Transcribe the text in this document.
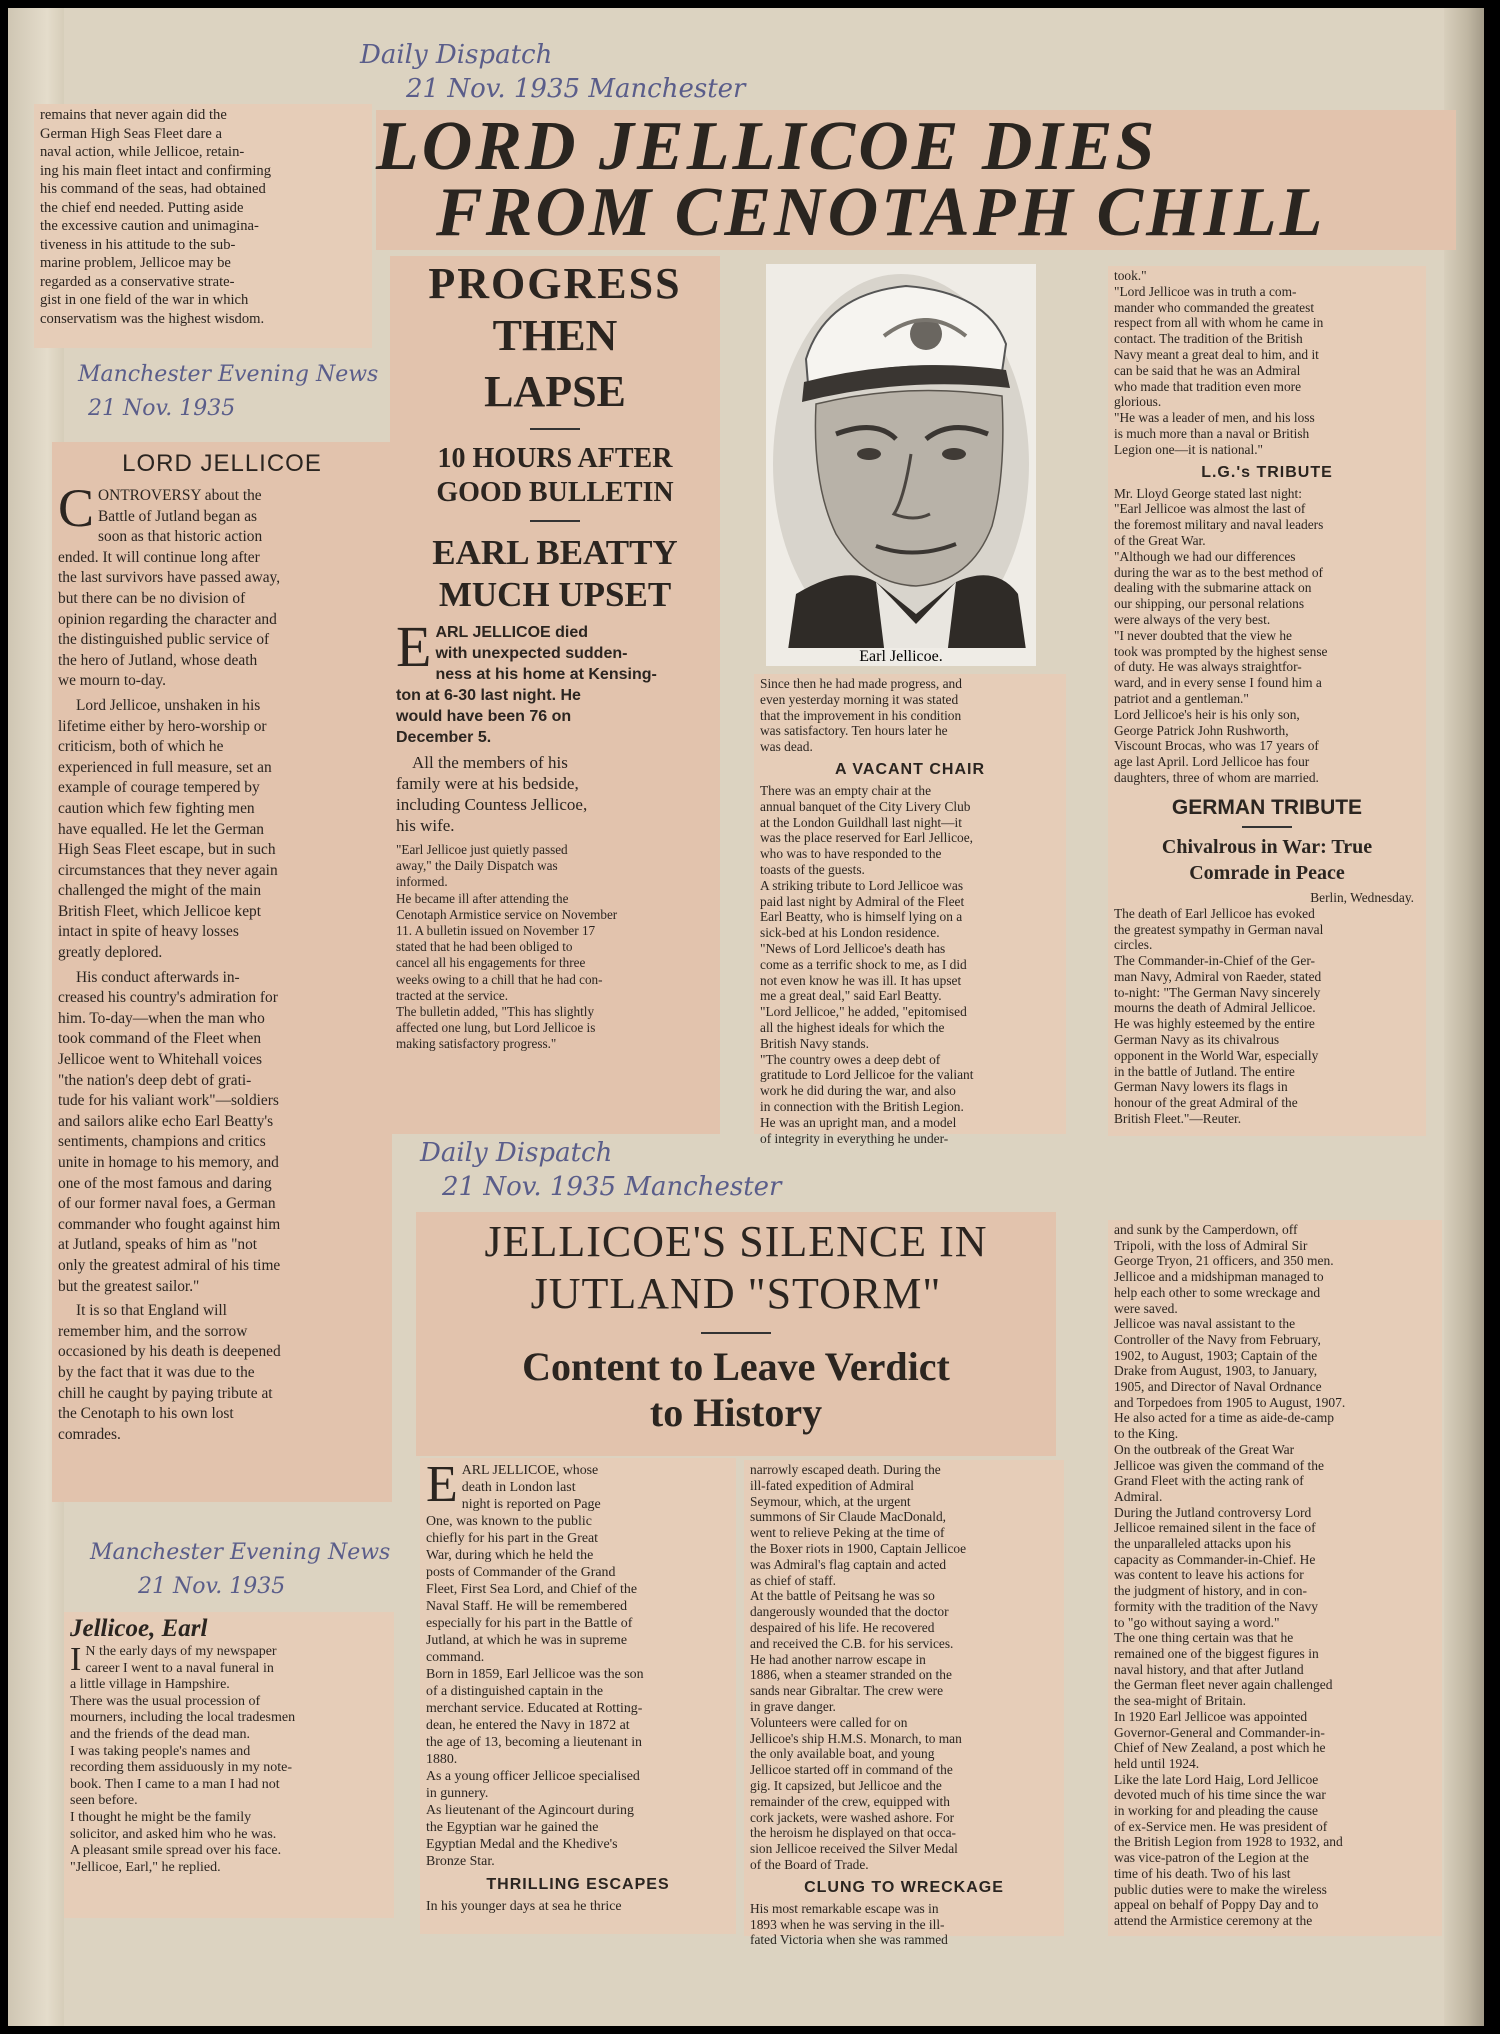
Daily Dispatch
21 Nov. 1935 Manchester
Manchester Evening News
21 Nov. 1935
Daily Dispatch
21 Nov. 1935 Manchester
Manchester Evening News
21 Nov. 1935

remains that never again did the
German High Seas Fleet dare a
naval action, while Jellicoe, retain-
ing his main fleet intact and confirming
his command of the seas, had obtained
the chief end needed. Putting aside
the excessive caution and unimagina-
tiveness in his attitude to the sub-
marine problem, Jellicoe may be
regarded as a conservative strate-
gist in one field of the war in which
conservatism was the highest wisdom.

LORD JELLICOE DIES
FROM CENOTAPH CHILL
LORD JELLICOE
C ONTROVERSY about the
Battle of Jutland began as
soon as that historic action
ended. It will continue long after
the last survivors have passed away,
but there can be no division of
opinion regarding the character and
the distinguished public service of
the hero of Jutland, whose death
we mourn to-day.

Lord Jellicoe, unshaken in his
lifetime either by hero-worship or
criticism, both of which he
experienced in full measure, set an
example of courage tempered by
caution which few fighting men
have equalled. He let the German
High Seas Fleet escape, but in such
circumstances that they never again
challenged the might of the main
British Fleet, which Jellicoe kept
intact in spite of heavy losses
greatly deplored.

His conduct afterwards in-
creased his country's admiration for
him. To-day—when the man who
took command of the Fleet when
Jellicoe went to Whitehall voices
"the nation's deep debt of grati-
tude for his valiant work"—soldiers
and sailors alike echo Earl Beatty's
sentiments, champions and critics
unite in homage to his memory, and
one of the most famous and daring
of our former naval foes, a German
commander who fought against him
at Jutland, speaks of him as "not
only the greatest admiral of his time
but the greatest sailor."

It is so that England will
remember him, and the sorrow
occasioned by his death is deepened
by the fact that it was due to the
chill he caught by paying tribute at
the Cenotaph to his own lost
comrades.

PROGRESS
THEN
LAPSE
10 HOURS AFTER
GOOD BULLETIN
EARL BEATTY
MUCH UPSET
E ARL JELLICOE died
with unexpected sudden-
ness at his home at Kensing-
ton at 6-30 last night. He
would have been 76 on
December 5.

All the members of his
family were at his bedside,
including Countess Jellicoe,
his wife.

"Earl Jellicoe just quietly passed
away," the Daily Dispatch was
informed.
He became ill after attending the
Cenotaph Armistice service on November
11. A bulletin issued on November 17
stated that he had been obliged to
cancel all his engagements for three
weeks owing to a chill that he had con-
tracted at the service.
The bulletin added, "This has slightly
affected one lung, but Lord Jellicoe is
making satisfactory progress."

Earl Jellicoe.

Since then he had made progress, and
even yesterday morning it was stated
that the improvement in his condition
was satisfactory. Ten hours later he
was dead.

A VACANT CHAIR

There was an empty chair at the
annual banquet of the City Livery Club
at the London Guildhall last night—it
was the place reserved for Earl Jellicoe,
who was to have responded to the
toasts of the guests.
A striking tribute to Lord Jellicoe was
paid last night by Admiral of the Fleet
Earl Beatty, who is himself lying on a
sick-bed at his London residence.
"News of Lord Jellicoe's death has
come as a terrific shock to me, as I did
not even know he was ill. It has upset
me a great deal," said Earl Beatty.
"Lord Jellicoe," he added, "epitomised
all the highest ideals for which the
British Navy stands.
"The country owes a deep debt of
gratitude to Lord Jellicoe for the valiant
work he did during the war, and also
in connection with the British Legion.
He was an upright man, and a model
of integrity in everything he under-

took."
"Lord Jellicoe was in truth a com-
mander who commanded the greatest
respect from all with whom he came in
contact. The tradition of the British
Navy meant a great deal to him, and it
can be said that he was an Admiral
who made that tradition even more
glorious.
"He was a leader of men, and his loss
is much more than a naval or British
Legion one—it is national."

L.G.'s TRIBUTE

Mr. Lloyd George stated last night:
"Earl Jellicoe was almost the last of
the foremost military and naval leaders
of the Great War.
"Although we had our differences
during the war as to the best method of
dealing with the submarine attack on
our shipping, our personal relations
were always of the very best.
"I never doubted that the view he
took was prompted by the highest sense
of duty. He was always straightfor-
ward, and in every sense I found him a
patriot and a gentleman."
Lord Jellicoe's heir is his only son,
George Patrick John Rushworth,
Viscount Brocas, who was 17 years of
age last April. Lord Jellicoe has four
daughters, three of whom are married.

GERMAN TRIBUTE
Chivalrous in War: True
Comrade in Peace
Berlin, Wednesday.

The death of Earl Jellicoe has evoked
the greatest sympathy in German naval
circles.
The Commander-in-Chief of the Ger-
man Navy, Admiral von Raeder, stated
to-night: "The German Navy sincerely
mourns the death of Admiral Jellicoe.
He was highly esteemed by the entire
German Navy as its chivalrous
opponent in the World War, especially
in the battle of Jutland. The entire
German Navy lowers its flags in
honour of the great Admiral of the
British Fleet."—Reuter.

JELLICOE'S SILENCE IN
JUTLAND "STORM"
Content to Leave Verdict
to History
E ARL JELLICOE, whose
death in London last
night is reported on Page
One, was known to the public
chiefly for his part in the Great
War, during which he held the
posts of Commander of the Grand
Fleet, First Sea Lord, and Chief of the
Naval Staff. He will be remembered
especially for his part in the Battle of
Jutland, at which he was in supreme
command.
Born in 1859, Earl Jellicoe was the son
of a distinguished captain in the
merchant service. Educated at Rotting-
dean, he entered the Navy in 1872 at
the age of 13, becoming a lieutenant in
1880.
As a young officer Jellicoe specialised
in gunnery.
As lieutenant of the Agincourt during
the Egyptian war he gained the
Egyptian Medal and the Khedive's
Bronze Star.

THRILLING ESCAPES

In his younger days at sea he thrice

narrowly escaped death. During the
ill-fated expedition of Admiral
Seymour, which, at the urgent
summons of Sir Claude MacDonald,
went to relieve Peking at the time of
the Boxer riots in 1900, Captain Jellicoe
was Admiral's flag captain and acted
as chief of staff.
At the battle of Peitsang he was so
dangerously wounded that the doctor
despaired of his life. He recovered
and received the C.B. for his services.
He had another narrow escape in
1886, when a steamer stranded on the
sands near Gibraltar. The crew were
in grave danger.
Volunteers were called for on
Jellicoe's ship H.M.S. Monarch, to man
the only available boat, and young
Jellicoe started off in command of the
gig. It capsized, but Jellicoe and the
remainder of the crew, equipped with
cork jackets, were washed ashore. For
the heroism he displayed on that occa-
sion Jellicoe received the Silver Medal
of the Board of Trade.

CLUNG TO WRECKAGE

His most remarkable escape was in
1893 when he was serving in the ill-
fated Victoria when she was rammed

and sunk by the Camperdown, off
Tripoli, with the loss of Admiral Sir
George Tryon, 21 officers, and 350 men.
Jellicoe and a midshipman managed to
help each other to some wreckage and
were saved.
Jellicoe was naval assistant to the
Controller of the Navy from February,
1902, to August, 1903; Captain of the
Drake from August, 1903, to January,
1905, and Director of Naval Ordnance
and Torpedoes from 1905 to August, 1907.
He also acted for a time as aide-de-camp
to the King.
On the outbreak of the Great War
Jellicoe was given the command of the
Grand Fleet with the acting rank of
Admiral.
During the Jutland controversy Lord
Jellicoe remained silent in the face of
the unparalleled attacks upon his
capacity as Commander-in-Chief. He
was content to leave his actions for
the judgment of history, and in con-
formity with the tradition of the Navy
to "go without saying a word."
The one thing certain was that he
remained one of the biggest figures in
naval history, and that after Jutland
the German fleet never again challenged
the sea-might of Britain.
In 1920 Earl Jellicoe was appointed
Governor-General and Commander-in-
Chief of New Zealand, a post which he
held until 1924.
Like the late Lord Haig, Lord Jellicoe
devoted much of his time since the war
in working for and pleading the cause
of ex-Service men. He was president of
the British Legion from 1928 to 1932, and
was vice-patron of the Legion at the
time of his death. Two of his last
public duties were to make the wireless
appeal on behalf of Poppy Day and to
attend the Armistice ceremony at the

Jellicoe, Earl
I N the early days of my newspaper
career I went to a naval funeral in
a little village in Hampshire.
There was the usual procession of
mourners, including the local tradesmen
and the friends of the dead man.
I was taking people's names and
recording them assiduously in my note-
book. Then I came to a man I had not
seen before.
I thought he might be the family
solicitor, and asked him who he was.
A pleasant smile spread over his face.
"Jellicoe, Earl," he replied.
